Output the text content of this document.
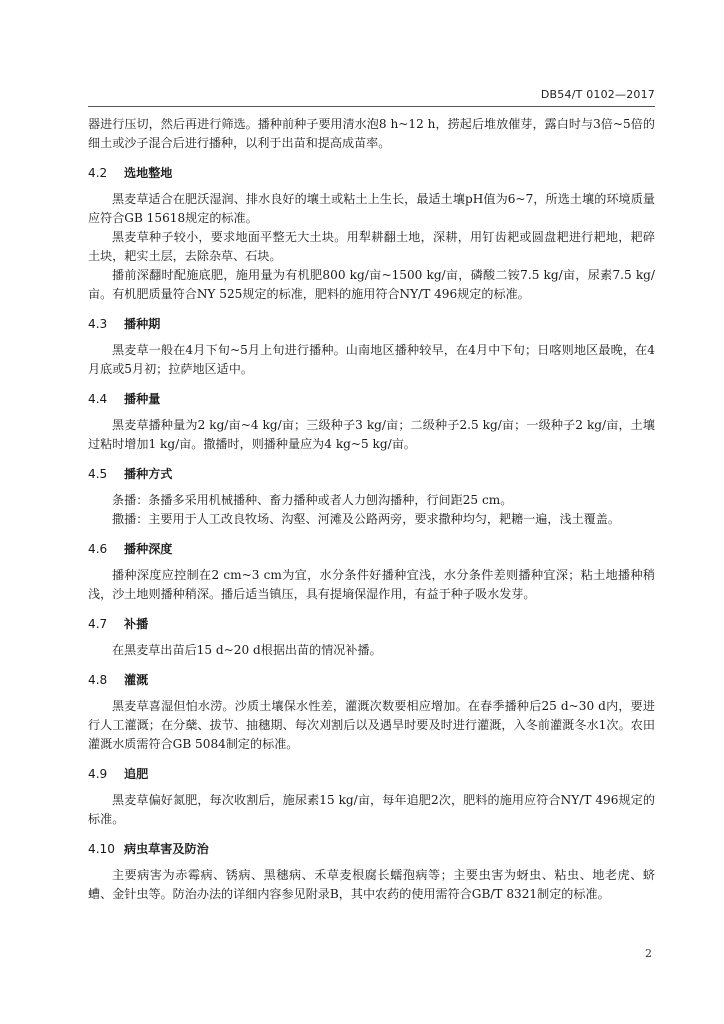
DB54/T 0102—2017

器进行压切，然后再进行筛选。播种前种子要用清水泡8 h~12 h，捞起后堆放催芽，露白时与3倍~5倍的细土或沙子混合后进行播种，以利于出苗和提高成苗率。

4.2 选地整地

黑麦草适合在肥沃湿润、排水良好的壤土或粘土上生长，最适土壤pH值为6~7，所选土壤的环境质量应符合GB 15618规定的标准。

黑麦草种子较小，要求地面平整无大土块。用犁耕翻土地，深耕，用钉齿耙或圆盘耙进行耙地，耙碎土块，耙实土层，去除杂草、石块。

播前深翻时配施底肥，施用量为有机肥800 kg/亩~1500 kg/亩，磷酸二铵7.5 kg/亩，尿素7.5 kg/亩。有机肥质量符合NY 525规定的标准，肥料的施用符合NY/T 496规定的标准。

4.3 播种期

黑麦草一般在4月下旬~5月上旬进行播种。山南地区播种较早，在4月中下旬；日喀则地区最晚，在4月底或5月初；拉萨地区适中。

4.4 播种量

黑麦草播种量为2 kg/亩~4 kg/亩；三级种子3 kg/亩；二级种子2.5 kg/亩；一级种子2 kg/亩，土壤过粘时增加1 kg/亩。撒播时，则播种量应为4 kg~5 kg/亩。

4.5 播种方式

条播：条播多采用机械播种、畜力播种或者人力刨沟播种，行间距25 cm。

撒播：主要用于人工改良牧场、沟壑、河滩及公路两旁，要求撒种均匀，耙耱一遍，浅土覆盖。

4.6 播种深度

播种深度应控制在2 cm~3 cm为宜，水分条件好播种宜浅，水分条件差则播种宜深；粘土地播种稍浅，沙土地则播种稍深。播后适当镇压，具有提墒保湿作用，有益于种子吸水发芽。

4.7 补播

在黑麦草出苗后15 d~20 d根据出苗的情况补播。

4.8 灌溉

黑麦草喜湿但怕水涝。沙质土壤保水性差，灌溉次数要相应增加。在春季播种后25 d~30 d内，要进行人工灌溉；在分蘖、拔节、抽穗期、每次刈割后以及遇旱时要及时进行灌溉，入冬前灌溉冬水1次。农田灌溉水质需符合GB 5084制定的标准。

4.9 追肥

黑麦草偏好氮肥，每次收割后，施尿素15 kg/亩，每年追肥2次，肥料的施用应符合NY/T 496规定的标准。

4.10 病虫草害及防治

主要病害为赤霉病、锈病、黑穗病、禾草麦根腐长蠕孢病等；主要虫害为蚜虫、粘虫、地老虎、蛴螬、金针虫等。防治办法的详细内容参见附录B，其中农药的使用需符合GB/T 8321制定的标准。

2
